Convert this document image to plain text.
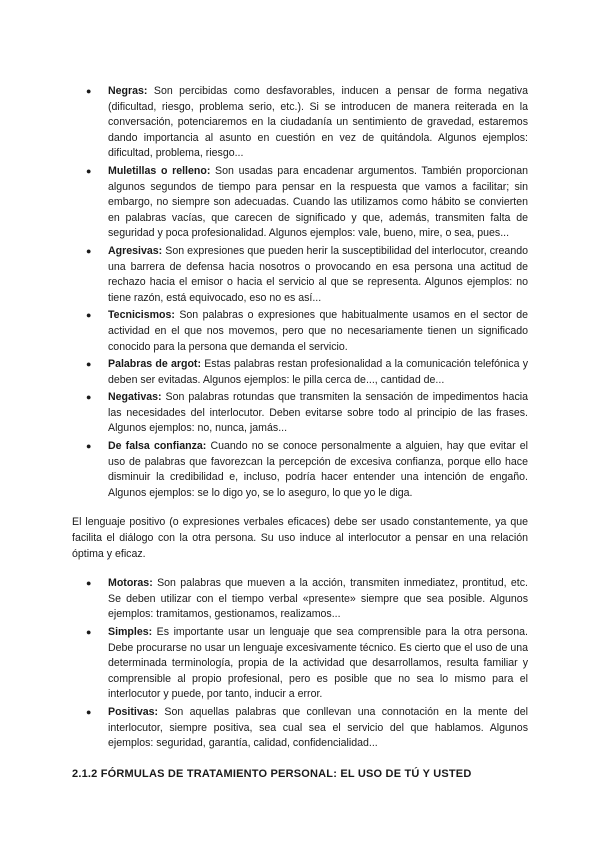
● Negras: Son percibidas como desfavorables, inducen a pensar de forma negativa (dificultad, riesgo, problema serio, etc.). Si se introducen de manera reiterada en la conversación, potenciaremos en la ciudadanía un sentimiento de gravedad, estaremos dando importancia al asunto en cuestión en vez de quitándola. Algunos ejemplos: dificultad, problema, riesgo...
● Muletillas o relleno: Son usadas para encadenar argumentos. También proporcionan algunos segundos de tiempo para pensar en la respuesta que vamos a facilitar; sin embargo, no siempre son adecuadas. Cuando las utilizamos como hábito se convierten en palabras vacías, que carecen de significado y que, además, transmiten falta de seguridad y poca profesionalidad. Algunos ejemplos: vale, bueno, mire, o sea, pues...
● Agresivas: Son expresiones que pueden herir la susceptibilidad del interlocutor, creando una barrera de defensa hacia nosotros o provocando en esa persona una actitud de rechazo hacia el emisor o hacia el servicio al que se representa. Algunos ejemplos: no tiene razón, está equivocado, eso no es así...
● Tecnicismos: Son palabras o expresiones que habitualmente usamos en el sector de actividad en el que nos movemos, pero que no necesariamente tienen un significado conocido para la persona que demanda el servicio.
● Palabras de argot: Estas palabras restan profesionalidad a la comunicación telefónica y deben ser evitadas. Algunos ejemplos: le pilla cerca de..., cantidad de...
● Negativas: Son palabras rotundas que transmiten la sensación de impedimentos hacia las necesidades del interlocutor. Deben evitarse sobre todo al principio de las frases. Algunos ejemplos: no, nunca, jamás...
● De falsa confianza: Cuando no se conoce personalmente a alguien, hay que evitar el uso de palabras que favorezcan la percepción de excesiva confianza, porque ello hace disminuir la credibilidad e, incluso, podría hacer entender una intención de engaño. Algunos ejemplos: se lo digo yo, se lo aseguro, lo que yo le diga.

El lenguaje positivo (o expresiones verbales eficaces) debe ser usado constantemente, ya que facilita el diálogo con la otra persona. Su uso induce al interlocutor a pensar en una relación óptima y eficaz.

● Motoras: Son palabras que mueven a la acción, transmiten inmediatez, prontitud, etc. Se deben utilizar con el tiempo verbal «presente» siempre que sea posible. Algunos ejemplos: tramitamos, gestionamos, realizamos...
● Simples: Es importante usar un lenguaje que sea comprensible para la otra persona. Debe procurarse no usar un lenguaje excesivamente técnico. Es cierto que el uso de una determinada terminología, propia de la actividad que desarrollamos, resulta familiar y comprensible al propio profesional, pero es posible que no sea lo mismo para el interlocutor y puede, por tanto, inducir a error.
● Positivas: Son aquellas palabras que conllevan una connotación en la mente del interlocutor, siempre positiva, sea cual sea el servicio del que hablamos. Algunos ejemplos: seguridad, garantía, calidad, confidencialidad...
2.1.2 FÓRMULAS DE TRATAMIENTO PERSONAL: EL USO DE TÚ Y USTED
